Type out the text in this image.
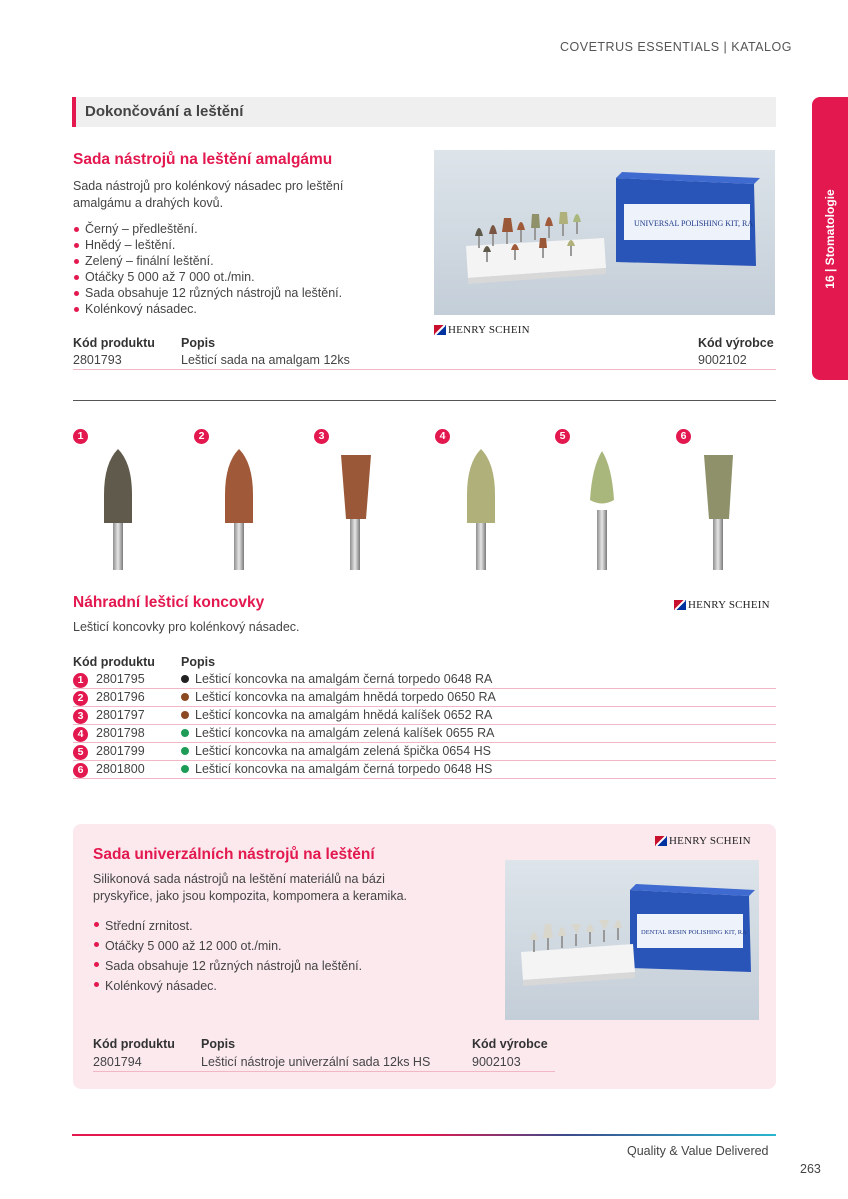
COVETRUS ESSENTIALS | KATALOG
Dokončování a leštění
16 | Stomatologie
Sada nástrojů na leštění amalgámu
Sada nástrojů pro kolénkový násadec pro leštění amalgámu a drahých kovů.
Černý – předleštění.
Hnědý – leštění.
Zelený – finální leštění.
Otáčky 5 000 až 7 000 ot./min.
Sada obsahuje 12 různých nástrojů na leštění.
Kolénkový násadec.
UNIVERSAL POLISHING KIT, RA
HENRY SCHEIN
Kód produktu Popis	Kód výrobce
2801793	Lešticí sada na amalgam 12ks	9002102
1	2	3	4	5	6
Náhradní lešticí koncovky	HENRY SCHEIN
Lešticí koncovky pro kolénkový násadec.
Kód produktu Popis
1	2801795	Lešticí koncovka na amalgám černá torpedo 0648 RA
2	2801796	Lešticí koncovka na amalgám hnědá torpedo 0650 RA
3	2801797	Lešticí koncovka na amalgám hnědá kalíšek 0652 RA
4	2801798	Lešticí koncovka na amalgám zelená kalíšek 0655 RA
5	2801799	Lešticí koncovka na amalgám zelená špička 0654 HS
6	2801800	Lešticí koncovka na amalgám černá torpedo 0648 HS
HENRY SCHEIN
Sada univerzálních nástrojů na leštění
Silikonová sada nástrojů na leštění materiálů na bázi pryskyřice, jako jsou kompozita, kompomera a keramika.
Střední zrnitost.
Otáčky 5 000 až 12 000 ot./min.
Sada obsahuje 12 různých nástrojů na leštění.
Kolénkový násadec.
DENTAL RESIN POLISHING KIT, RA
Kód produktu Popis	Kód výrobce
2801794	Lešticí nástroje univerzální sada 12ks HS	9002103
Quality & Value Delivered
263
